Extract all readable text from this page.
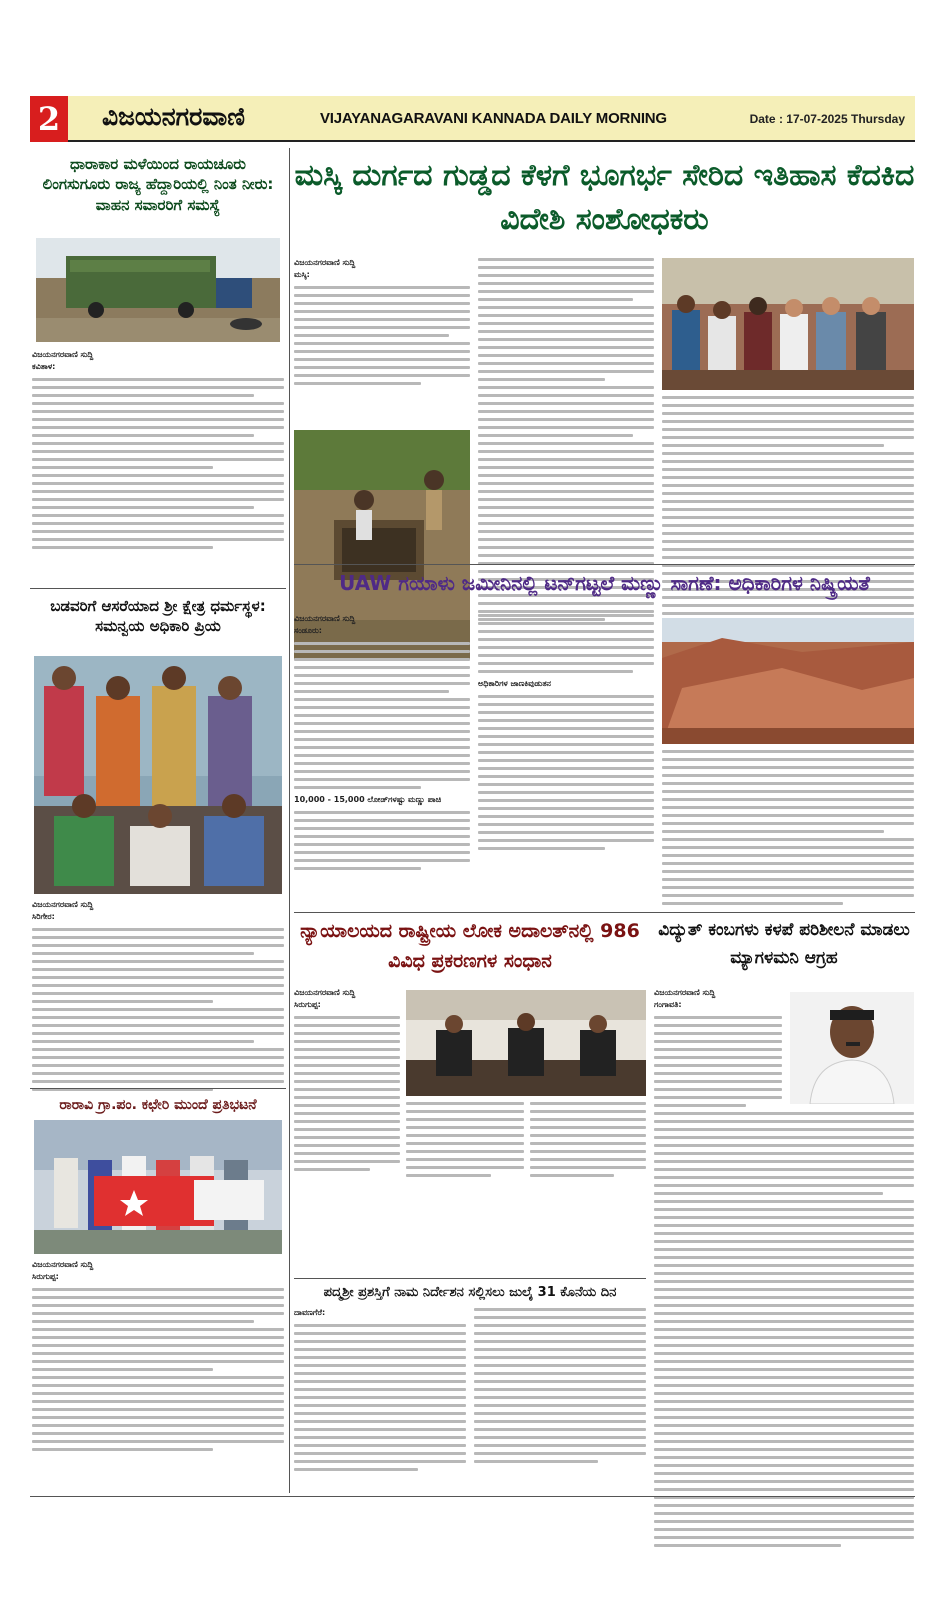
2	ವಿಜಯನಗರವಾಣಿ	VIJAYANAGARAVANI KANNADA DAILY MORNING	Date : 17-07-2025 Thursday
ಧಾರಾಕಾರ ಮಳೆಯಿಂದ ರಾಯಚೂರು ಲಿಂಗಸುಗೂರು ರಾಜ್ಯ ಹೆದ್ದಾರಿಯಲ್ಲಿ ನಿಂತ ನೀರು: ವಾಹನ ಸವಾರರಿಗೆ ಸಮಸ್ಯೆ
ವಿಜಯನಗರವಾಣಿ ಸುದ್ದಿ
ಕವಿತಾಳ:
ಬಡವರಿಗೆ ಆಸರೆಯಾದ ಶ್ರೀ ಕ್ಷೇತ್ರ ಧರ್ಮಸ್ಥಳ: ಸಮನ್ವಯ ಅಧಿಕಾರಿ ಪ್ರಿಯ
ವಿಜಯನಗರವಾಣಿ ಸುದ್ದಿ
ಸಿರಿಗೇರ:
ರಾರಾವಿ ಗ್ರಾ.ಪಂ. ಕಛೇರಿ ಮುಂದೆ ಪ್ರತಿಭಟನೆ
ವಿಜಯನಗರವಾಣಿ ಸುದ್ದಿ
ಸಿರುಗುಪ್ಪ:
ಮಸ್ಕಿ ದುರ್ಗದ ಗುಡ್ಡದ ಕೆಳಗೆ ಭೂಗರ್ಭ ಸೇರಿದ ಇತಿಹಾಸ ಕೆದಕಿದ ವಿದೇಶಿ ಸಂಶೋಧಕರು
ವಿಜಯನಗರವಾಣಿ ಸುದ್ದಿ
ಮಸ್ಕಿ:
UAW ಗಯಾಳು ಜಮೀನಿನಲ್ಲಿ ಟನ್‌ಗಟ್ಟಲೆ ಮಣ್ಣು ಸಾಗಣೆ: ಅಧಿಕಾರಿಗಳ ನಿಷ್ಕ್ರಿಯತೆ
ವಿಜಯನಗರವಾಣಿ ಸುದ್ದಿ
ಸಂಡೂರು:
10,000 - 15,000 ಲೋಡ್‌ಗಳಷ್ಟು ಮಣ್ಣು ಪಾಚಿ
ಅಧಿಕಾರಿಗಳ ಜಾಣಕಿವುಡುತನ
ನ್ಯಾಯಾಲಯದ ರಾಷ್ಟ್ರೀಯ ಲೋಕ ಅದಾಲತ್‌ನಲ್ಲಿ 986 ವಿವಿಧ ಪ್ರಕರಣಗಳ ಸಂಧಾನ
ವಿಜಯನಗರವಾಣಿ ಸುದ್ದಿ
ಸಿರುಗುಪ್ಪ:
ವಿದ್ಯುತ್ ಕಂಬಗಳು ಕಳಪೆ ಪರಿಶೀಲನೆ ಮಾಡಲು ಮ್ಯಾಗಳಮನಿ ಆಗ್ರಹ
ವಿಜಯನಗರವಾಣಿ ಸುದ್ದಿ
ಗಂಗಾವತಿ:
ಪದ್ಮಶ್ರೀ ಪ್ರಶಸ್ತಿಗೆ ನಾಮ ನಿರ್ದೇಶನ ಸಲ್ಲಿಸಲು ಜುಲೈ 31 ಕೊನೆಯ ದಿನ
ದಾವಣಗೆರೆ:
